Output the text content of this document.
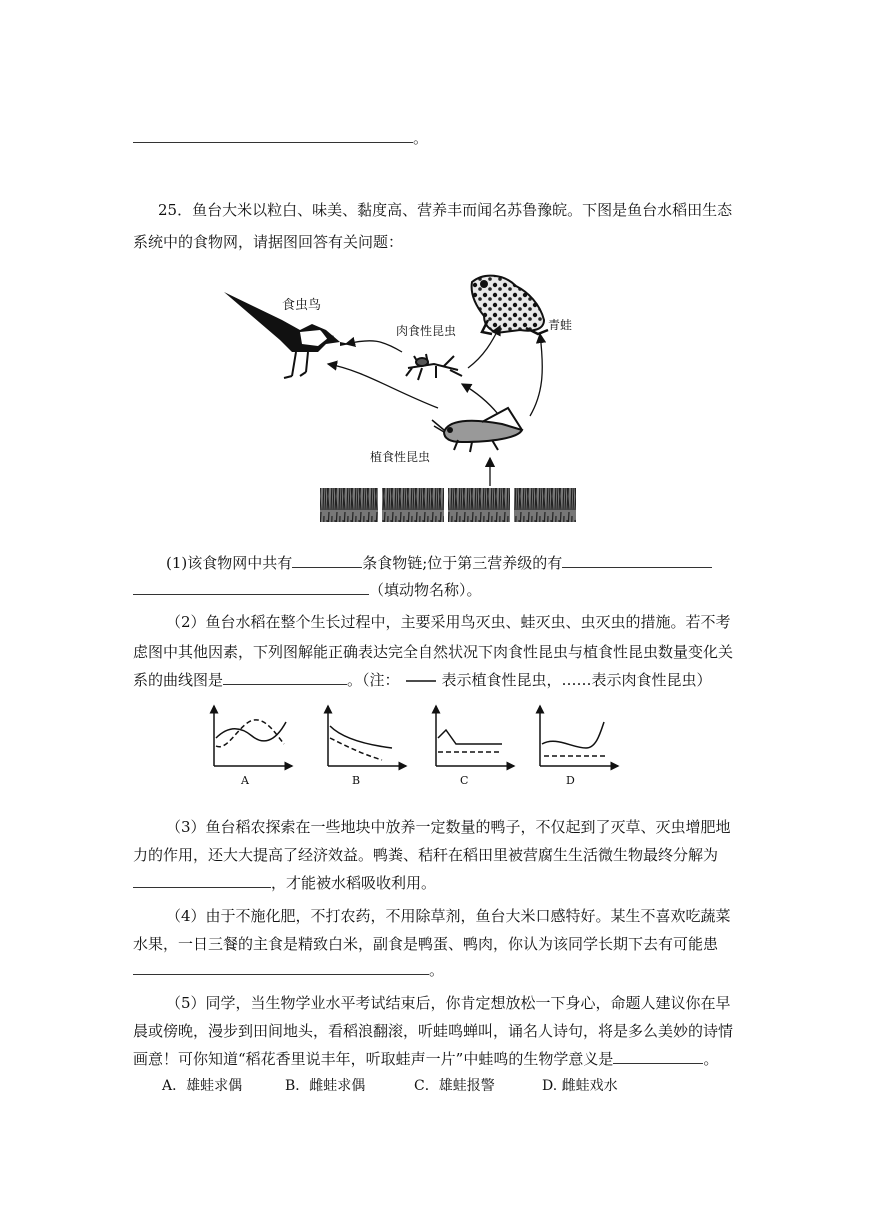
。
25．鱼台大米以粒白、味美、黏度高、营养丰而闻名苏鲁豫皖。下图是鱼台水稻田生态
系统中的食物网，请据图回答有关问题：
食虫鸟
肉食性昆虫	青蛙
植食性昆虫
(1)该食物网中共有	条食物链;位于第三营养级的有
（填动物名称）。
（2）鱼台水稻在整个生长过程中，主要采用鸟灭虫、蛙灭虫、虫灭虫的措施。若不考
虑图中其他因素，下列图解能正确表达完全自然状况下肉食性昆虫与植食性昆虫数量变化关
系的曲线图是	。（注：	表示植食性昆虫，……表示肉食性昆虫）
A	B	C	D
（3）鱼台稻农探索在一些地块中放养一定数量的鸭子，不仅起到了灭草、灭虫增肥地
力的作用，还大大提高了经济效益。鸭粪、秸秆在稻田里被营腐生生活微生物最终分解为
，才能被水稻吸收利用。
（4）由于不施化肥，不打农药，不用除草剂，鱼台大米口感特好。某生不喜欢吃蔬菜
水果，一日三餐的主食是精致白米，副食是鸭蛋、鸭肉，你认为该同学长期下去有可能患
。
（5）同学，当生物学业水平考试结束后，你肯定想放松一下身心，命题人建议你在早
晨或傍晚，漫步到田间地头，看稻浪翻滚，听蛙鸣蝉叫，诵名人诗句，将是多么美妙的诗情
画意！可你知道“稻花香里说丰年，听取蛙声一片”中蛙鸣的生物学意义是	。
A．雄蛙求偶	B．雌蛙求偶	C．雄蛙报警	D. 雌蛙戏水
